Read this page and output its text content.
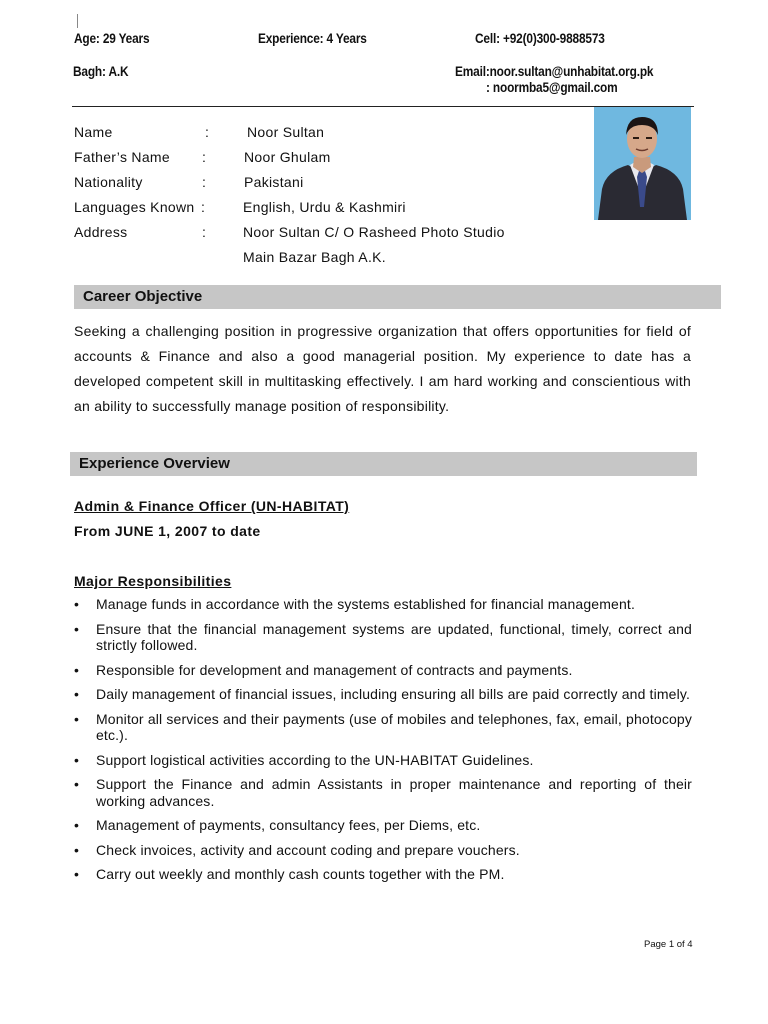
Age: 29 Years	Experience: 4 Years	Cell: +92(0)300-9888573
Bagh: A.K	Email:noor.sultan@unhabitat.org.pk
: noormba5@gmail.com
Name	:	Noor Sultan
Father’s Name :	Noor Ghulam
Nationality	:	Pakistani
Languages Known :	English, Urdu & Kashmiri
Address	:	Noor Sultan C/ O Rasheed Photo Studio
Main Bazar Bagh A.K.
Career Objective
Seeking a challenging position in progressive organization that offers opportunities for field of accounts & Finance and also a good managerial position. My experience to date has a developed competent skill in multitasking effectively. I am hard working and conscientious with an ability to successfully manage position of responsibility.
Experience Overview
Admin & Finance Officer (UN-HABITAT)
From JUNE 1, 2007 to date
Major Responsibilities
• Manage funds in accordance with the systems established for financial management.
• Ensure that the financial management systems are updated, functional, timely, correct and strictly followed.
• Responsible for development and management of contracts and payments.
• Daily management of financial issues, including ensuring all bills are paid correctly and timely.
• Monitor all services and their payments (use of mobiles and telephones, fax, email, photocopy etc.).
• Support logistical activities according to the UN-HABITAT Guidelines.
• Support the Finance and admin Assistants in proper maintenance and reporting of their working advances.
• Management of payments, consultancy fees, per Diems, etc.
• Check invoices, activity and account coding and prepare vouchers.
• Carry out weekly and monthly cash counts together with the PM.
Page 1 of 4
